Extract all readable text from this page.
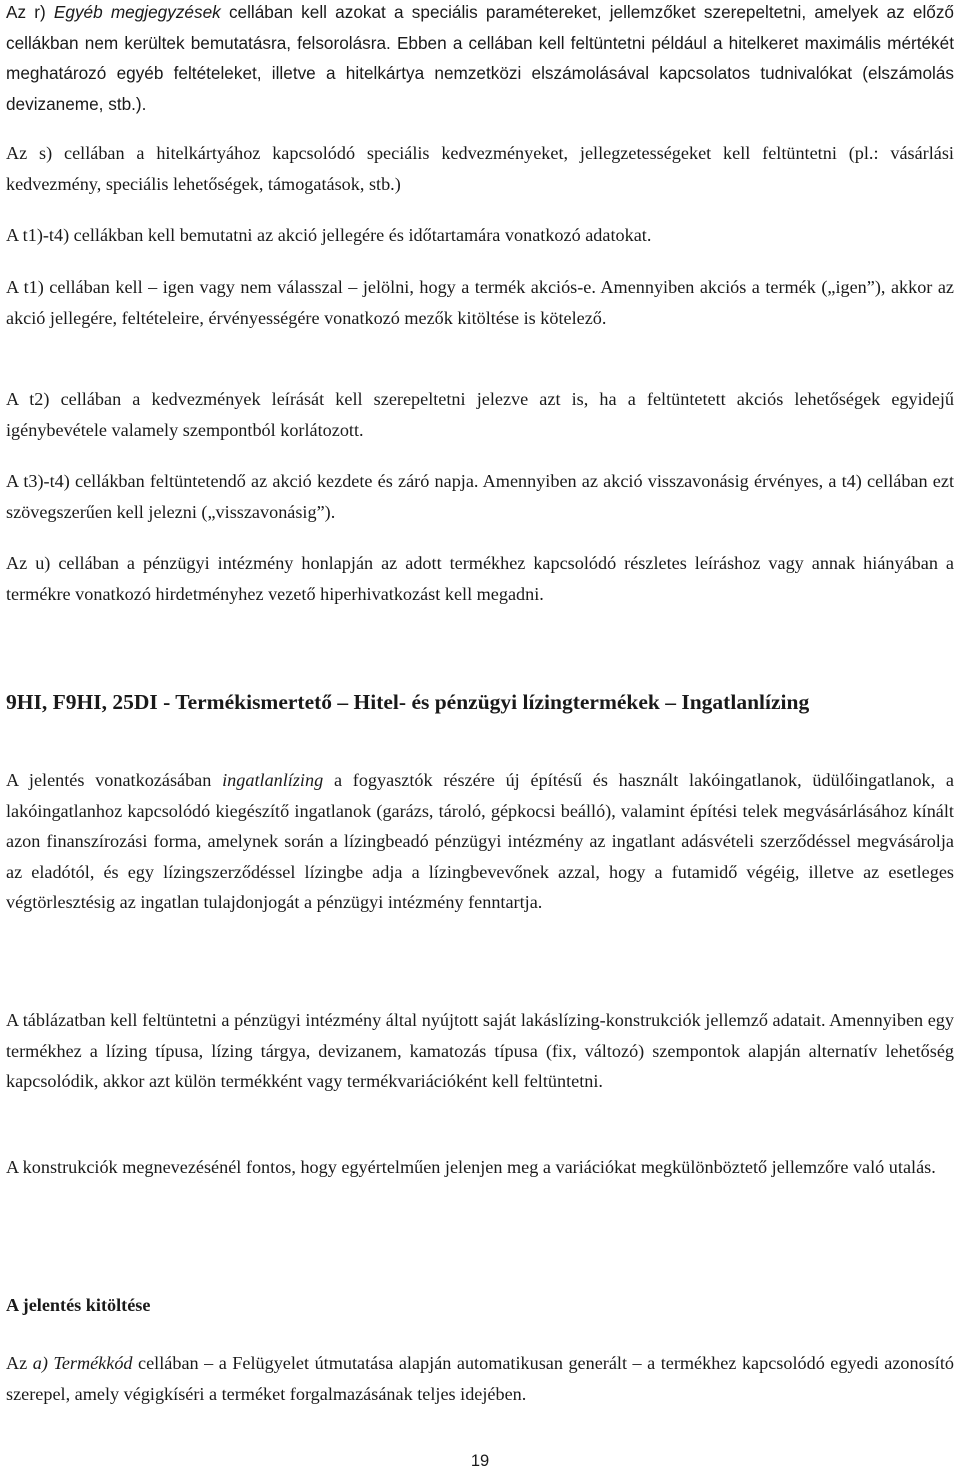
Az r) Egyéb megjegyzések cellában kell azokat a speciális paramétereket, jellemzőket szerepeltetni, amelyek az előző cellákban nem kerültek bemutatásra, felsorolásra. Ebben a cellában kell feltüntetni például a hitelkeret maximális mértékét meghatározó egyéb feltételeket, illetve a hitelkártya nemzetközi elszámolásával kapcsolatos tudnivalókat (elszámolás devizaneme, stb.).

Az s) cellában a hitelkártyához kapcsolódó speciális kedvezményeket, jellegzetességeket kell feltüntetni (pl.: vásárlási kedvezmény, speciális lehetőségek, támogatások, stb.)

A t1)-t4) cellákban kell bemutatni az akció jellegére és időtartamára vonatkozó adatokat.

A t1) cellában kell – igen vagy nem válasszal – jelölni, hogy a termék akciós-e. Amennyiben akciós a termék („igen”), akkor az akció jellegére, feltételeire, érvényességére vonatkozó mezők kitöltése is kötelező.

A t2) cellában a kedvezmények leírását kell szerepeltetni jelezve azt is, ha a feltüntetett akciós lehetőségek egyidejű igénybevétele valamely szempontból korlátozott.

A t3)-t4) cellákban feltüntetendő az akció kezdete és záró napja. Amennyiben az akció visszavonásig érvényes, a t4) cellában ezt szövegszerűen kell jelezni („visszavonásig”).

Az u) cellában a pénzügyi intézmény honlapján az adott termékhez kapcsolódó részletes leíráshoz vagy annak hiányában a termékre vonatkozó hirdetményhez vezető hiperhivatkozást kell megadni.

9HI, F9HI, 25DI - Termékismertető – Hitel- és pénzügyi lízingtermékek – Ingatlanlízing

A jelentés vonatkozásában ingatlanlízing a fogyasztók részére új építésű és használt lakóingatlanok, üdülőingatlanok, a lakóingatlanhoz kapcsolódó kiegészítő ingatlanok (garázs, tároló, gépkocsi beálló), valamint építési telek megvásárlásához kínált azon finanszírozási forma, amelynek során a lízingbeadó pénzügyi intézmény az ingatlant adásvételi szerződéssel megvásárolja az eladótól, és egy lízingszerződéssel lízingbe adja a lízingbevevőnek azzal, hogy a futamidő végéig, illetve az esetleges végtörlesztésig az ingatlan tulajdonjogát a pénzügyi intézmény fenntartja.

A táblázatban kell feltüntetni a pénzügyi intézmény által nyújtott saját lakáslízing-konstrukciók jellemző adatait. Amennyiben egy termékhez a lízing típusa, lízing tárgya, devizanem, kamatozás típusa (fix, változó) szempontok alapján alternatív lehetőség kapcsolódik, akkor azt külön termékként vagy termékvariációként kell feltüntetni.

A konstrukciók megnevezésénél fontos, hogy egyértelműen jelenjen meg a variációkat megkülönböztető jellemzőre való utalás.

A jelentés kitöltése

Az a) Termékkód cellában – a Felügyelet útmutatása alapján automatikusan generált – a termékhez kapcsolódó egyedi azonosító szerepel, amely végigkíséri a terméket forgalmazásának teljes idejében.

19
